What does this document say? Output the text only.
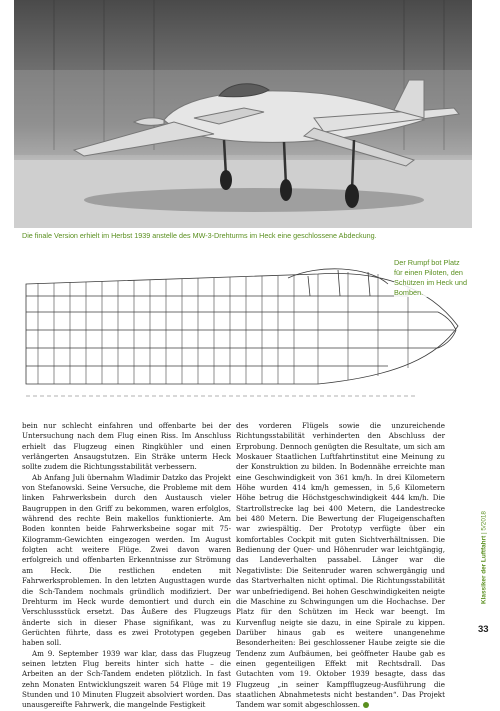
Die finale Version erhielt im Herbst 1939 anstelle des MW-3-Drehturms im Heck eine geschlossene Abdeckung.
Der Rumpf bot Platz
für einen Piloten, den
Schützen im Heck und
Bomben.

bein nur schlecht einfahren und offenbarte bei der Untersuchung nach dem Flug einen Riss. Im Anschluss erhielt das Flugzeug einen Ringkühler und einen verlängerten Ansaugstutzen. Ein Sträke unterm Heck sollte zudem die Richtungsstabilität verbessern.

Ab Anfang Juli übernahm Wladimir Datzko das Projekt von Stefanowski. Seine Versuche, die Probleme mit dem linken Fahrwerksbein durch den Austausch vieler Baugruppen in den Griff zu bekommen, waren erfolglos, während des rechte Bein makellos funktionierte. Am Boden konnten beide Fahrwerksbeine sogar mit 75-Kilogramm-Gewichten eingezogen werden. Im August folgten acht weitere Flüge. Zwei davon waren erfolgreich und offenbarten Erkenntnisse zur Strömung am Heck. Die restlichen endeten mit Fahrwerksproblemen. In den letzten Augusttagen wurde die Sch-Tandem nochmals gründlich modifiziert. Der Drehturm im Heck wurde demontiert und durch ein Verschlussstück ersetzt. Das Äußere des Flugzeugs änderte sich in dieser Phase signifikant, was zu Gerüchten führte, dass es zwei Prototypen gegeben haben soll.

Am 9. September 1939 war klar, dass das Flugzeug seinen letzten Flug bereits hinter sich hatte – die Arbeiten an der Sch-Tandem endeten plötzlich. In fast zehn Monaten Entwicklungszeit waren 54 Flüge mit 19 Stunden und 10 Minuten Flugzeit absolviert worden. Das unausgereifte Fahrwerk, die mangelnde Festigkeit

des vorderen Flügels sowie die unzureichende Richtungsstabilität verhinderten den Abschluss der Erprobung. Dennoch genügten die Resultate, um sich am Moskauer Staatlichen Luftfahrtinstitut eine Meinung zu der Konstruktion zu bilden. In Bodennähe erreichte man eine Geschwindigkeit von 361 km/h. In drei Kilometern Höhe wurden 414 km/h gemessen, in 5,6 Kilometern Höhe betrug die Höchstgeschwindigkeit 444 km/h. Die Startrollstrecke lag bei 400 Metern, die Landestrecke bei 480 Metern. Die Bewertung der Flugeigenschaften war zwiespältig. Der Prototyp verfügte über ein komfortables Cockpit mit guten Sichtverhältnissen. Die Bedienung der Quer- und Höhenruder war leichtgängig, das Landeverhalten passabel. Länger war die Negativliste: Die Seitenruder waren schwergängig und das Startverhalten nicht optimal. Die Richtungsstabilität war unbefriedigend. Bei hohen Geschwindigkeiten neigte die Maschine zu Schwingungen um die Hochachse. Der Platz für den Schützen im Heck war beengt. Im Kurvenflug neigte sie dazu, in eine Spirale zu kippen. Darüber hinaus gab es weitere unangenehme Besonderheiten: Bei geschlossener Haube zeigte sie die Tendenz zum Aufbäumen, bei geöffneter Haube gab es einen gegenteiligen Effekt mit Rechtsdrall. Das Gutachten vom 19. Oktober 1939 besagte, dass das Flugzeug „in seiner Kampfflugzeug-Ausführung die staatlichen Abnahmetests nicht bestanden“. Das Projekt Tandem war somit abgeschlossen.

Klassiker der Luftfahrt | 5/2018
33
